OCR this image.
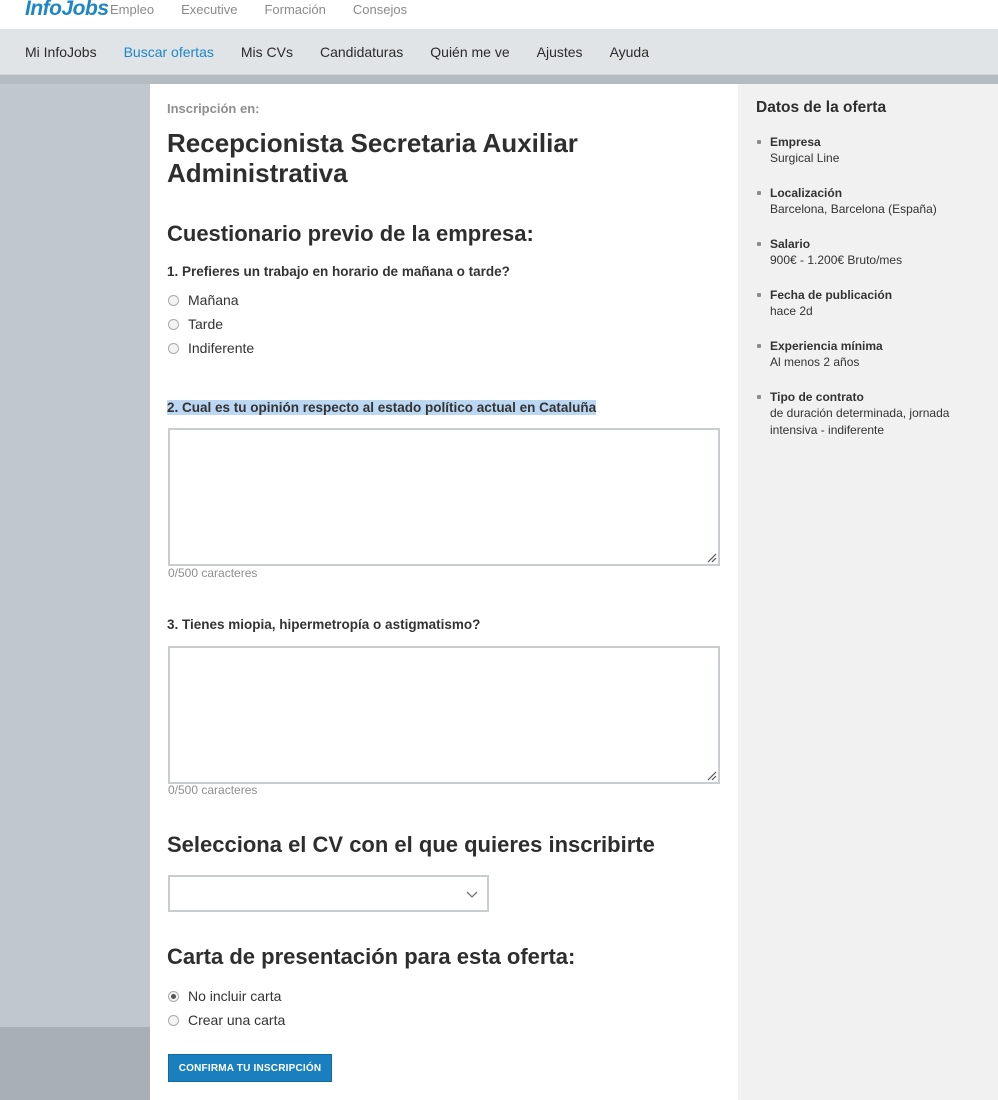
InfoJobs Empleo Executive Formación Consejos
Mi InfoJobs Buscar ofertas Mis CVs Candidaturas Quién me ve Ajustes Ayuda
Inscripción en:
Recepcionista Secretaria Auxiliar Administrativa
Cuestionario previo de la empresa:
1. Prefieres un trabajo en horario de mañana o tarde?
Mañana
Tarde
Indiferente
2. Cual es tu opinión respecto al estado político actual en Cataluña
0/500 caracteres
3. Tienes miopia, hipermetropía o astigmatismo?
0/500 caracteres
Selecciona el CV con el que quieres inscribirte
Carta de presentación para esta oferta:
No incluir carta
Crear una carta
CONFIRMA TU INSCRIPCIÓN
Datos de la oferta
Empresa
Surgical Line
Localización
Barcelona, Barcelona (España)
Salario
900€ - 1.200€ Bruto/mes
Fecha de publicación
hace 2d
Experiencia mínima
Al menos 2 años
Tipo de contrato
de duración determinada, jornada intensiva - indiferente
